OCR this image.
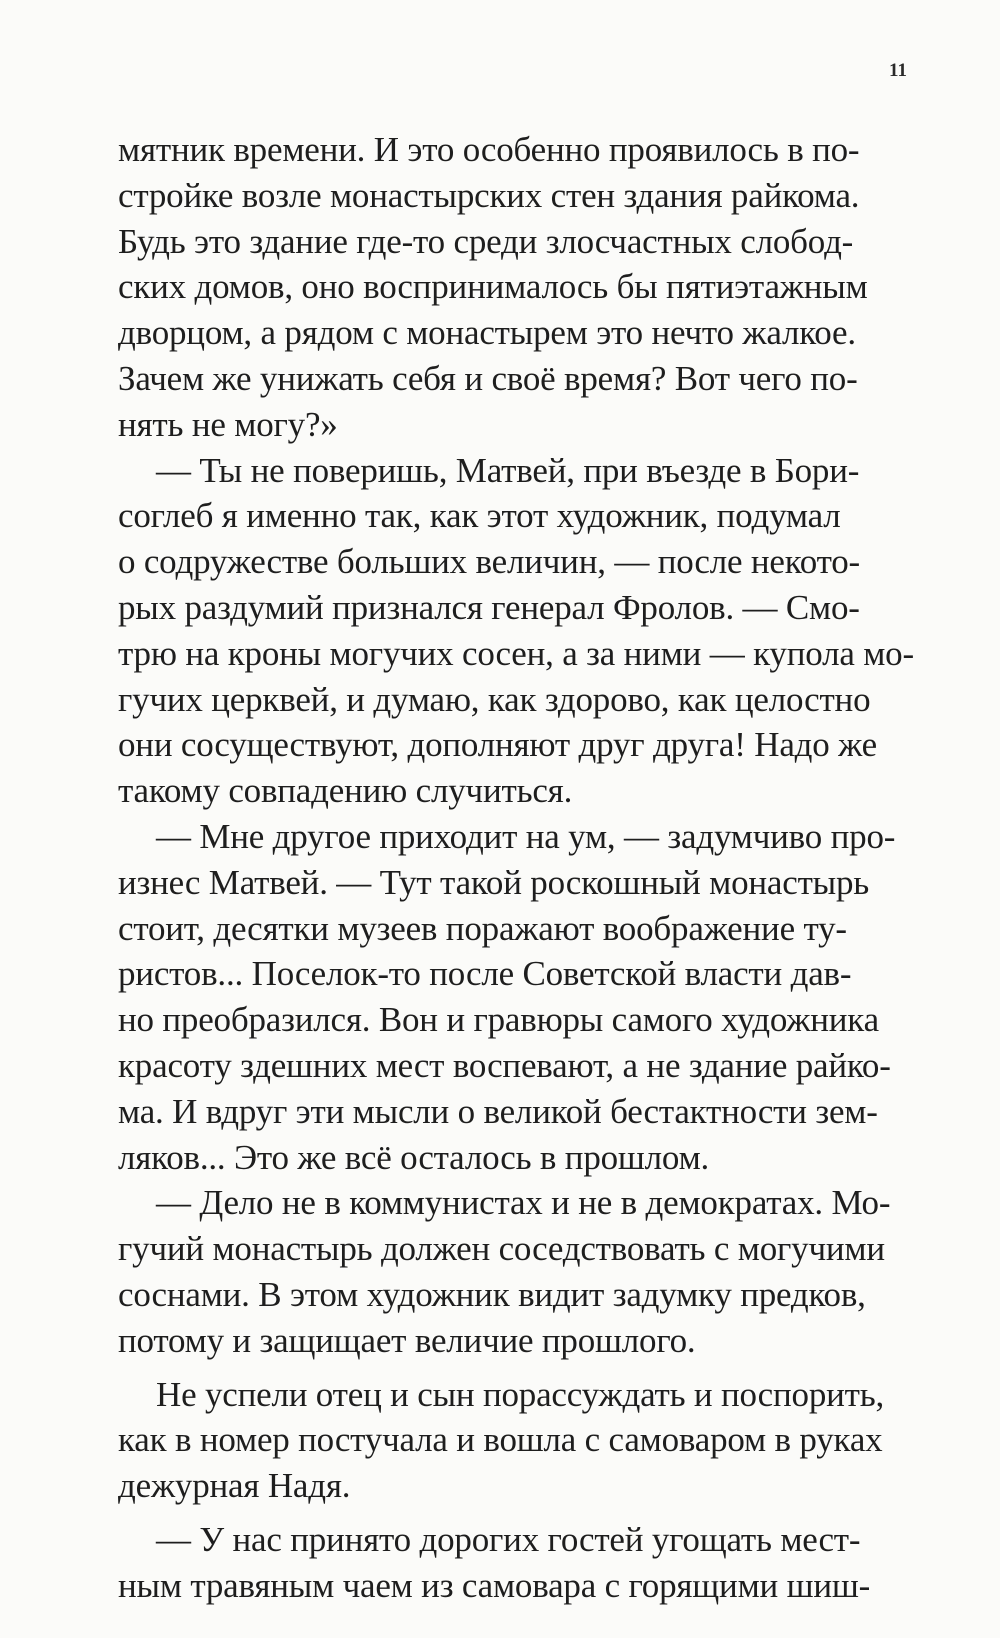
11
мятник времени. И это особенно проявилось в по-
стройке возле монастырских стен здания райкома.
Будь это здание где-то среди злосчастных слобод-
ских домов, оно воспринималось бы пятиэтажным
дворцом, а рядом с монастырем это нечто жалкое.
Зачем же унижать себя и своё время? Вот чего по-
нять не могу?»
— Ты не поверишь, Матвей, при въезде в Бори-
соглеб я именно так, как этот художник, подумал
о содружестве больших величин, — после некото-
рых раздумий признался генерал Фролов. — Смо-
трю на кроны могучих сосен, а за ними — купола мо-
гучих церквей, и думаю, как здорово, как целостно
они сосуществуют, дополняют друг друга! Надо же
такому совпадению случиться.
— Мне другое приходит на ум, — задумчиво про-
изнес Матвей. — Тут такой роскошный монастырь
стоит, десятки музеев поражают воображение ту-
ристов... Поселок-то после Советской власти дав-
но преобразился. Вон и гравюры самого художника
красоту здешних мест воспевают, а не здание райко-
ма. И вдруг эти мысли о великой бестактности зем-
ляков... Это же всё осталось в прошлом.
— Дело не в коммунистах и не в демократах. Мо-
гучий монастырь должен соседствовать с могучими
соснами. В этом художник видит задумку предков,
потому и защищает величие прошлого.
Не успели отец и сын порассуждать и поспорить,
как в номер постучала и вошла с самоваром в руках
дежурная Надя.
— У нас принято дорогих гостей угощать мест-
ным травяным чаем из самовара с горящими шиш-
